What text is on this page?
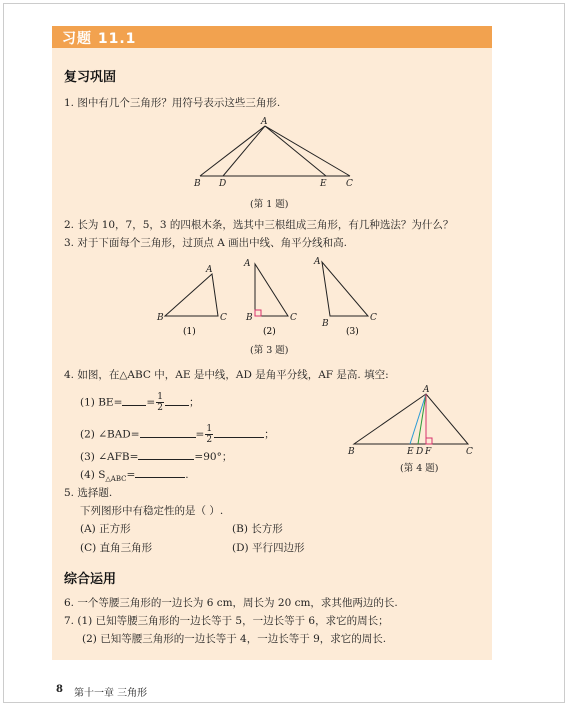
习题 11.1
复习巩固
1. 图中有几个三角形？用符号表示这些三角形.
A
B D	E C
(第 1 题)
2. 长为 10，7，5，3 的四根木条，选其中三根组成三角形，有几种选法？为什么？
3. 对于下面每个三角形，过顶点 A 画出中线、角平分线和高.
A
B	C
(1)
A
B	C
(2)
A
B
C
(3)
(第 3 题)
4. 如图，在△ABC 中，AE 是中线，AD 是角平分线，AF 是高. 填空:
(1) $BE= = \frac{1}{2}$ ；
(2) ∠BAD=	= $\frac{1}{2}$	；
(3) ∠AFB=	=90°；
(4) $S_{\triangle ABC}=$	.
A
B	E D F	C
(第 4 题)
5. 选择题.
下列图形中有稳定性的是（ ）.
(A) 正方形	(B) 长方形
(C) 直角三角形	(D) 平行四边形
综合运用
6. 一个等腰三角形的一边长为 6 cm，周长为 20 cm，求其他两边的长.
7. (1) 已知等腰三角形的一边长等于 5，一边长等于 6，求它的周长；
(2) 已知等腰三角形的一边长等于 4，一边长等于 9，求它的周长.
8 第十一章 三角形
